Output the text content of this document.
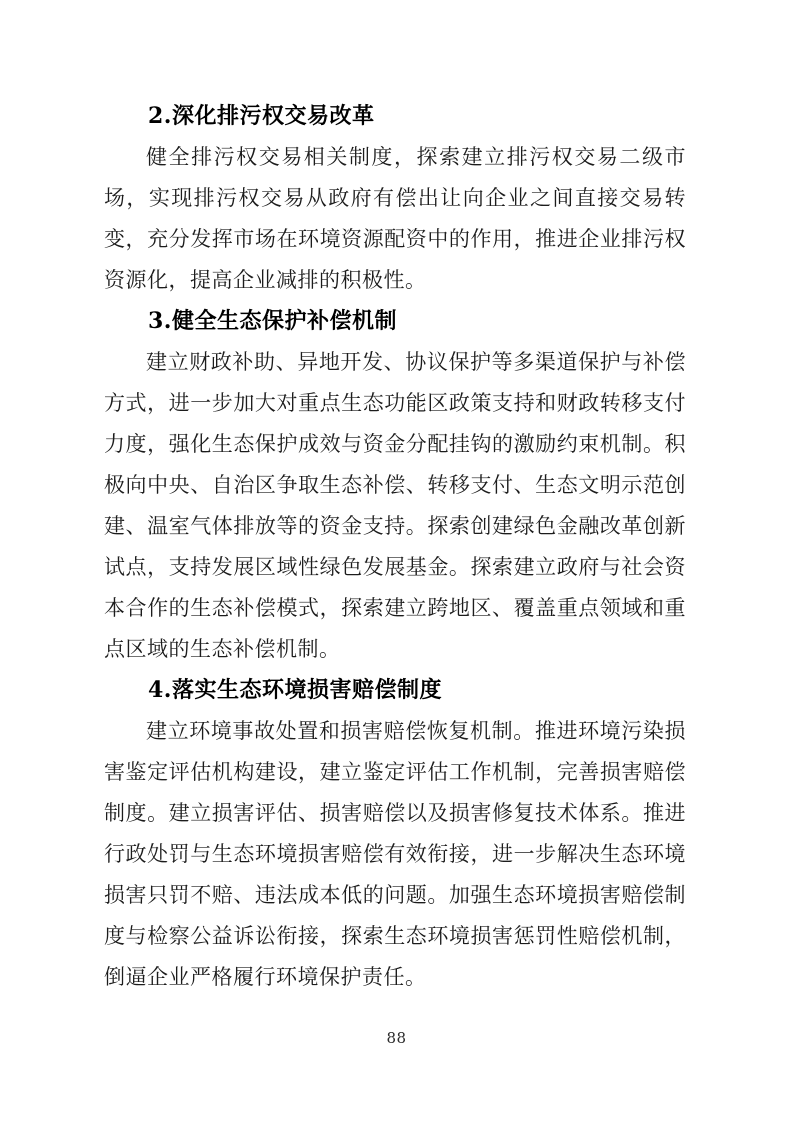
2.深化排污权交易改革

健全排污权交易相关制度，探索建立排污权交易二级市场，实现排污权交易从政府有偿出让向企业之间直接交易转变，充分发挥市场在环境资源配资中的作用，推进企业排污权资源化，提高企业减排的积极性。

3.健全生态保护补偿机制

建立财政补助、异地开发、协议保护等多渠道保护与补偿方式，进一步加大对重点生态功能区政策支持和财政转移支付力度，强化生态保护成效与资金分配挂钩的激励约束机制。积极向中央、自治区争取生态补偿、转移支付、生态文明示范创建、温室气体排放等的资金支持。探索创建绿色金融改革创新试点，支持发展区域性绿色发展基金。探索建立政府与社会资本合作的生态补偿模式，探索建立跨地区、覆盖重点领域和重点区域的生态补偿机制。

4.落实生态环境损害赔偿制度

建立环境事故处置和损害赔偿恢复机制。推进环境污染损害鉴定评估机构建设，建立鉴定评估工作机制，完善损害赔偿制度。建立损害评估、损害赔偿以及损害修复技术体系。推进行政处罚与生态环境损害赔偿有效衔接，进一步解决生态环境损害只罚不赔、违法成本低的问题。加强生态环境损害赔偿制度与检察公益诉讼衔接，探索生态环境损害惩罚性赔偿机制，倒逼企业严格履行环境保护责任。

88
